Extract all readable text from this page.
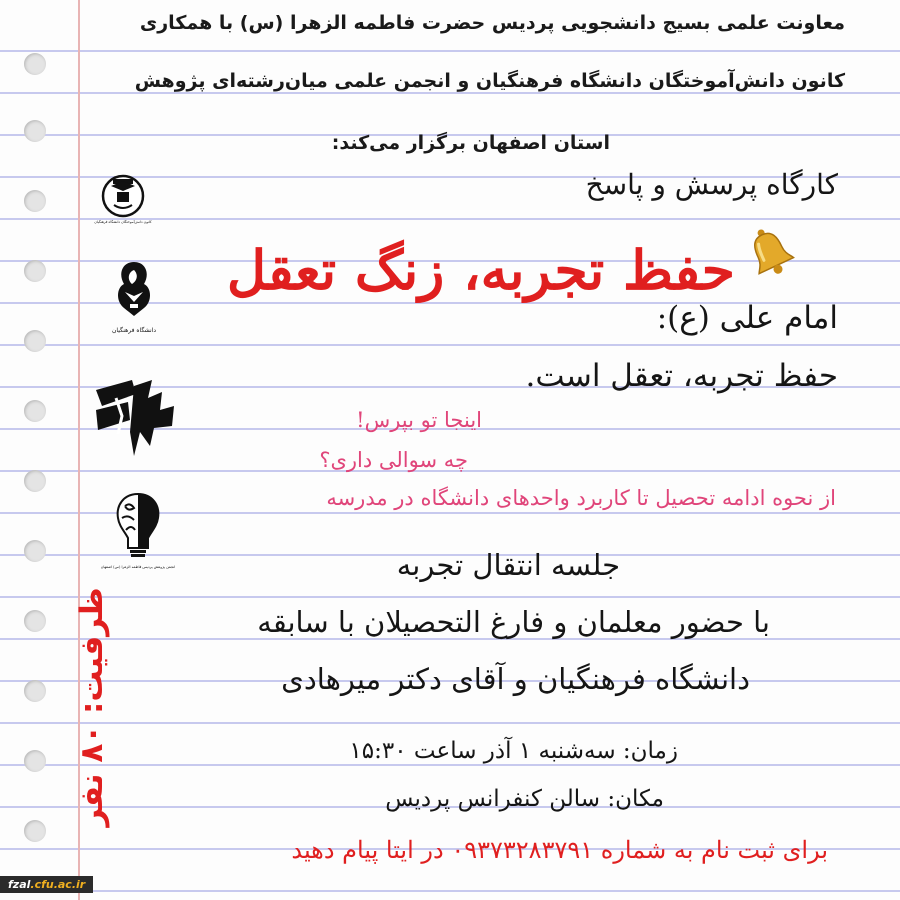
معاونت علمی بسیج دانشجویی پردیس حضرت فاطمه الزهرا (س) با همکاری
کانون دانش‌آموختگان دانشگاه فرهنگیان و انجمن علمی میان‌رشته‌ای پژوهش
استان اصفهان برگزار می‌کند:
کارگاه پرسش و پاسخ
حفظ تجربه، زنگ تعقل
امام علی (ع):
حفظ تجربه، تعقل است.
اینجا تو بپرس!
چه سوالی داری؟
از نحوه ادامه تحصیل تا کاربرد واحدهای دانشگاه در مدرسه
جلسه انتقال تجربه
با حضور معلمان و فارغ التحصیلان با سابقه
دانشگاه فرهنگیان و آقای دکتر میرهادی
زمان: سه‌شنبه ۱ آذر ساعت ۱۵:۳۰
مکان: سالن کنفرانس پردیس
برای ثبت نام به شماره ۰۹۳۷۳۲۸۳۷۹۱ در ایتا پیام دهید
ظرفیت: ۸۰ نفر
کانون دانش‌آموختگان دانشگاه فرهنگیان
دانشگاه فرهنگیان
انجمن پژوهش پردیس فاطمه الزهرا (س) اصفهان
fzal.cfu.ac.ir
